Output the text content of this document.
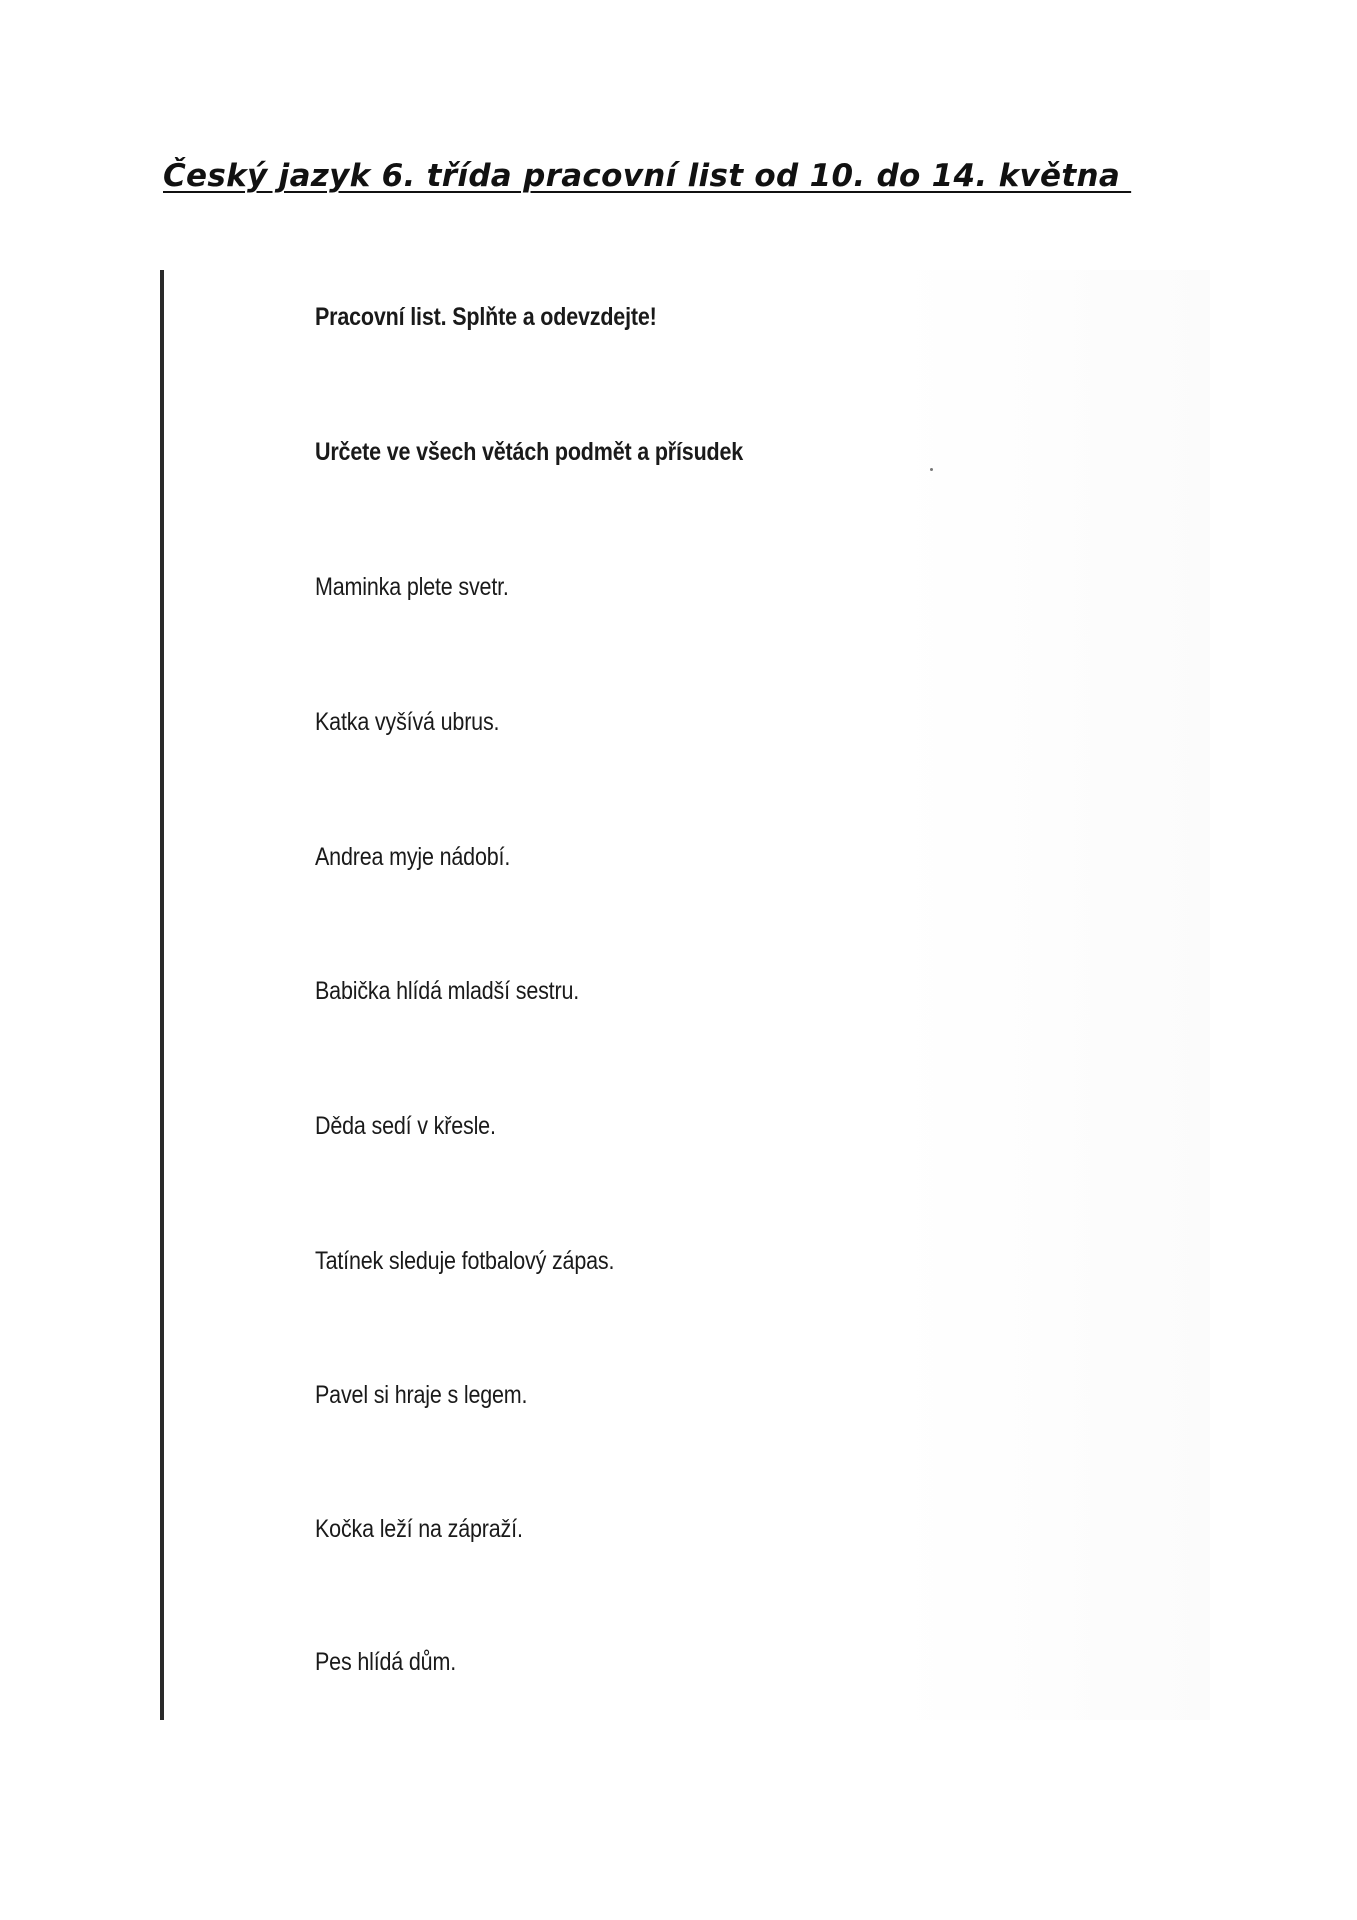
Český jazyk 6. třída pracovní list od 10. do 14. května

Pracovní list. Splňte a odevzdejte!

Určete ve všech větách podmět a přísudek

Maminka plete svetr.

Katka vyšívá ubrus.

Andrea myje nádobí.

Babička hlídá mladší sestru.

Děda sedí v křesle.

Tatínek sleduje fotbalový zápas.

Pavel si hraje s legem.

Kočka leží na zápraží.

Pes hlídá dům.
